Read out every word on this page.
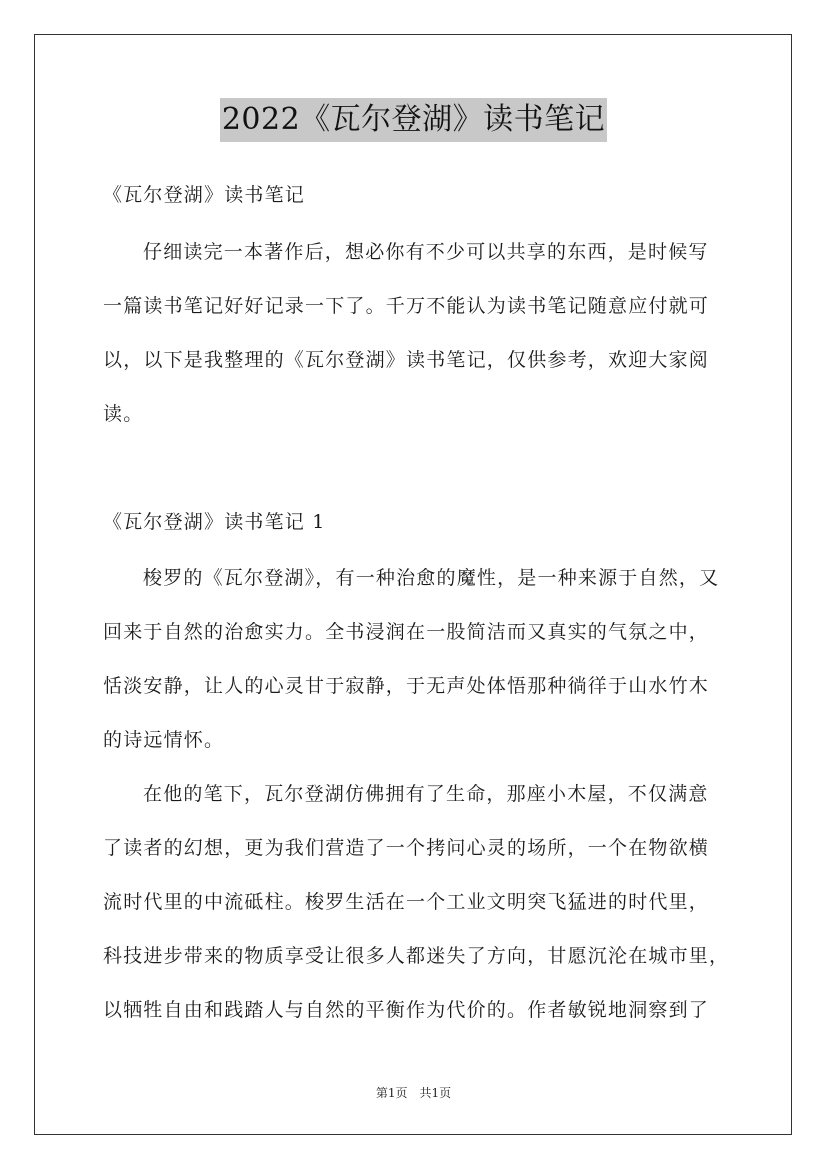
2022《瓦尔登湖》读书笔记
《瓦尔登湖》读书笔记
仔细读完一本著作后，想必你有不少可以共享的东西，是时候写
一篇读书笔记好好记录一下了。千万不能认为读书笔记随意应付就可
以，以下是我整理的《瓦尔登湖》读书笔记，仅供参考，欢迎大家阅
读。
《瓦尔登湖》读书笔记 1
梭罗的《瓦尔登湖》，有一种治愈的魔性，是一种来源于自然，又
回来于自然的治愈实力。全书浸润在一股简洁而又真实的气氛之中，
恬淡安静，让人的心灵甘于寂静，于无声处体悟那种徜徉于山水竹木
的诗远情怀。
在他的笔下，瓦尔登湖仿佛拥有了生命，那座小木屋，不仅满意
了读者的幻想，更为我们营造了一个拷问心灵的场所，一个在物欲横
流时代里的中流砥柱。梭罗生活在一个工业文明突飞猛进的时代里，
科技进步带来的物质享受让很多人都迷失了方向，甘愿沉沦在城市里，
以牺牲自由和践踏人与自然的平衡作为代价的。作者敏锐地洞察到了
第1页　共1页
